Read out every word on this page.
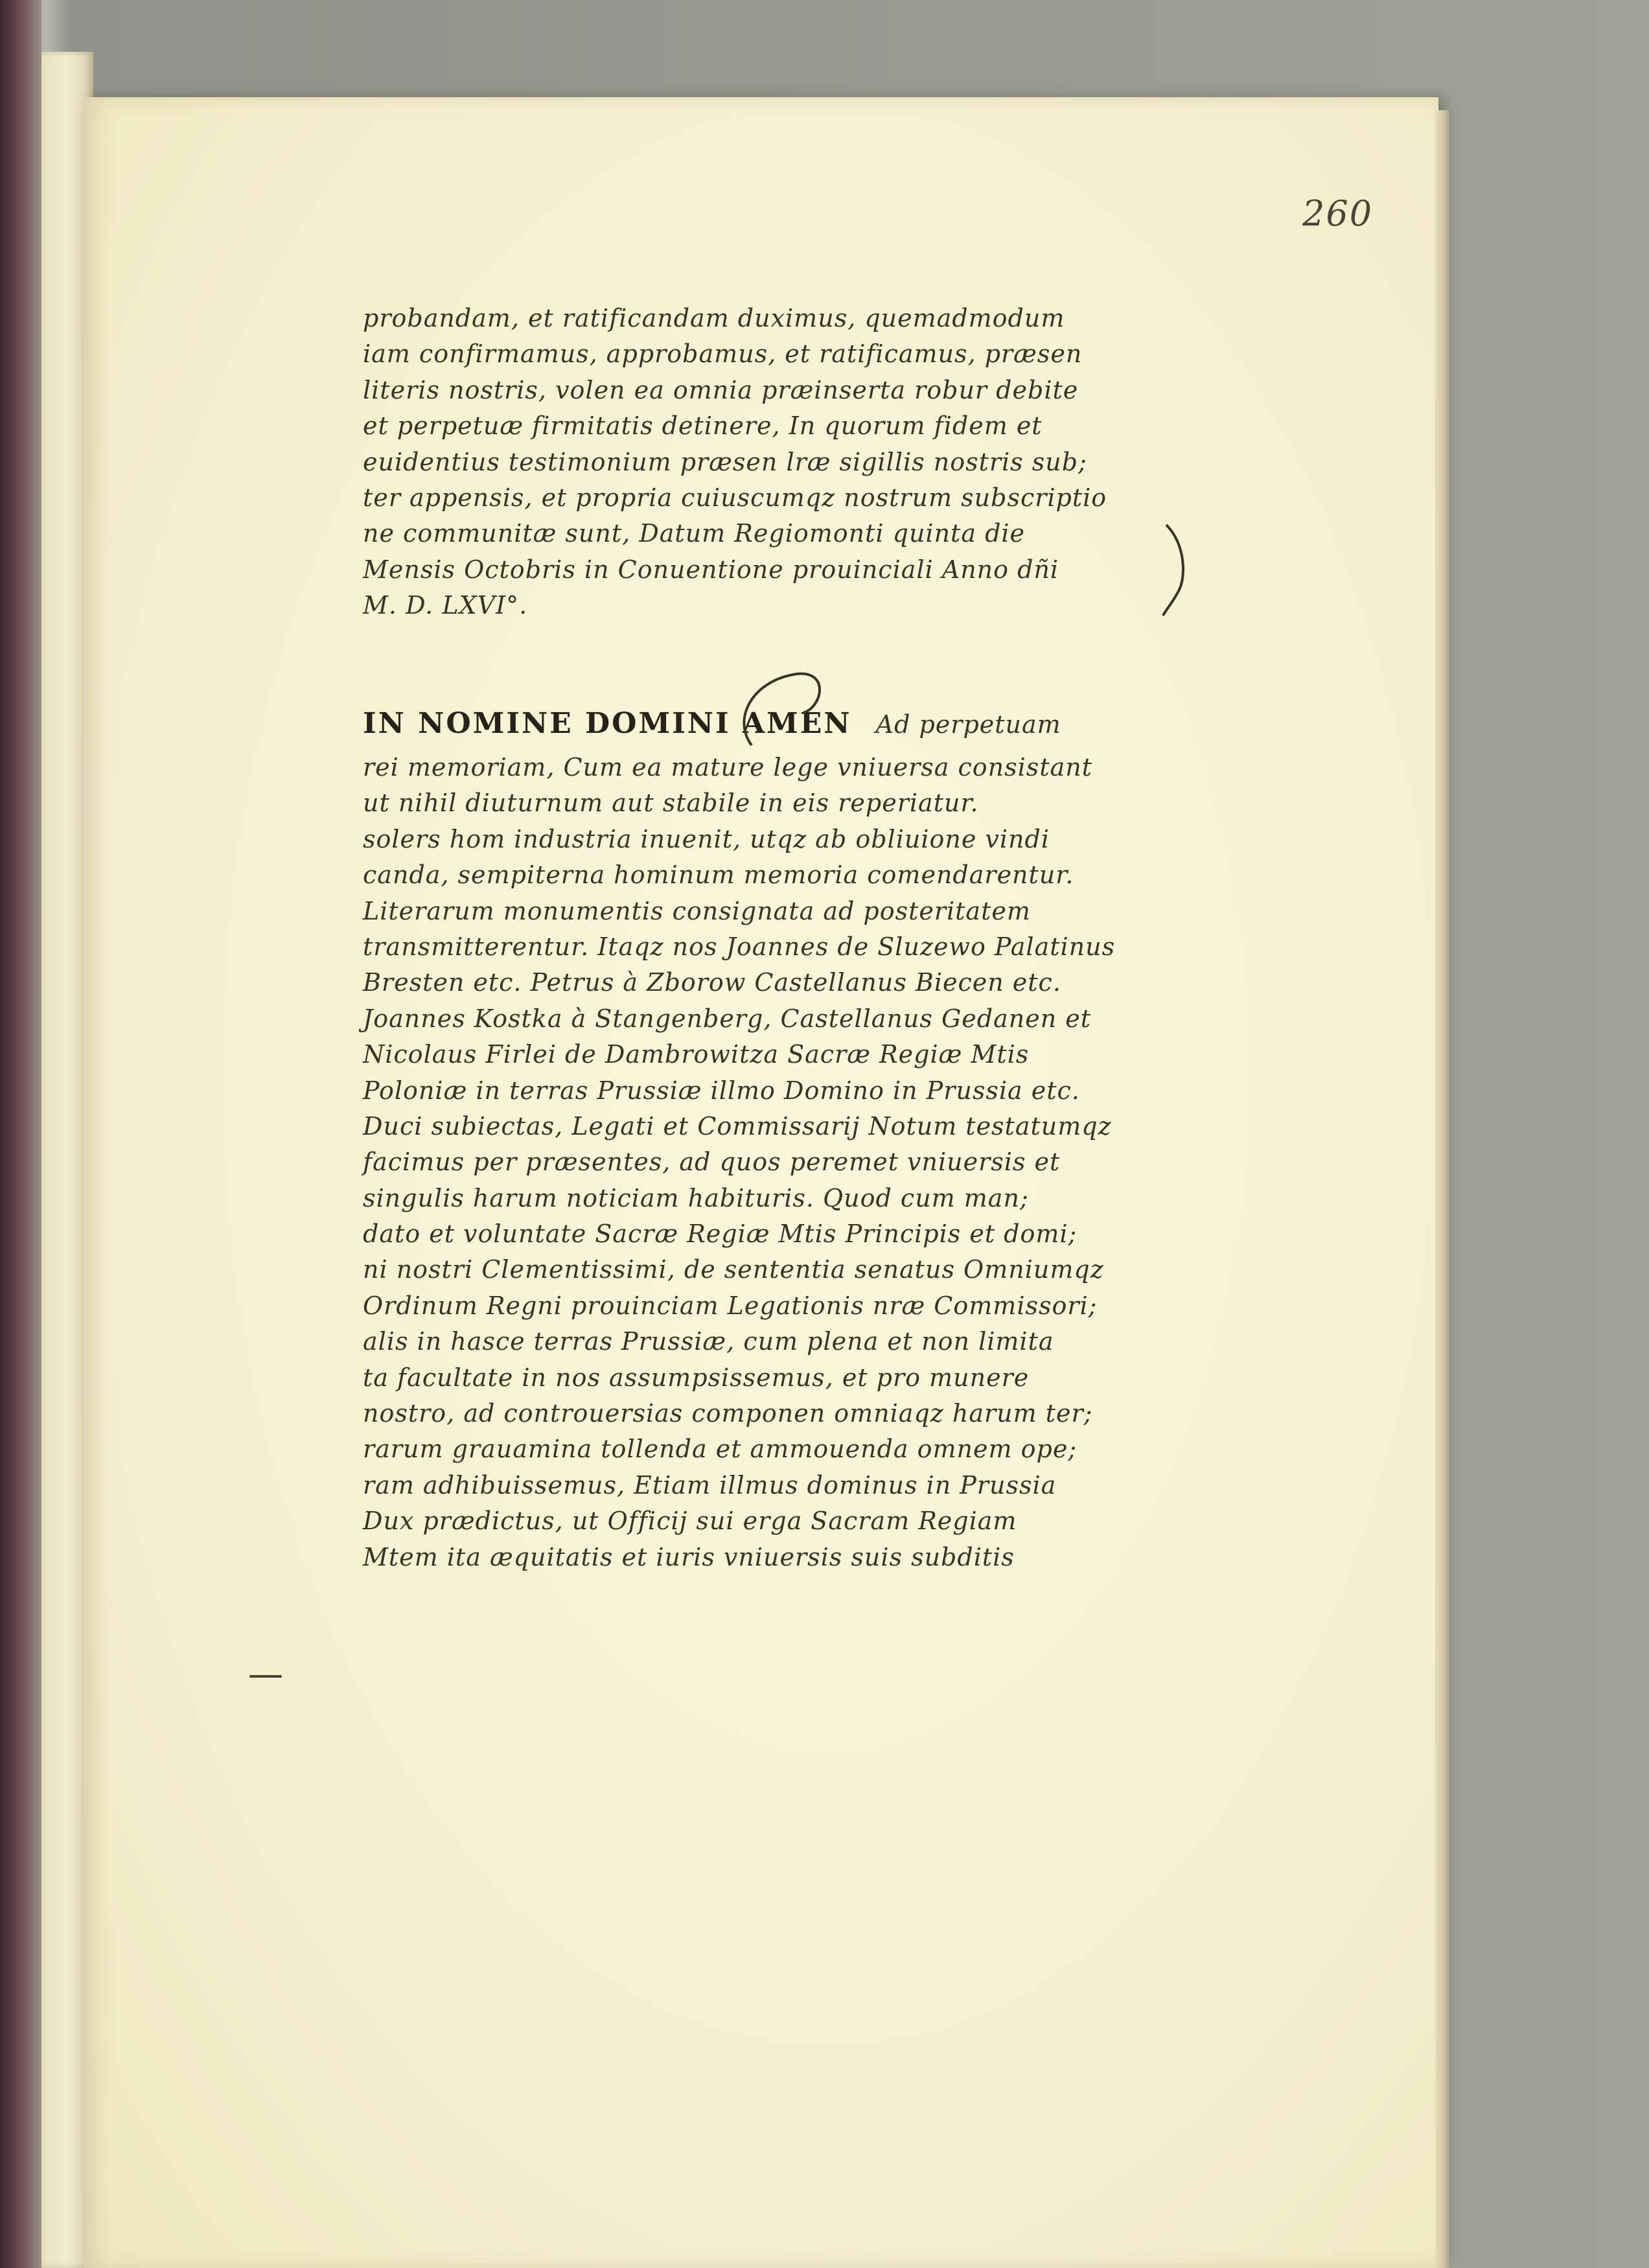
260
probandam, et ratificandam duximus, quemadmodum
iam confirmamus, approbamus, et ratificamus, præsen
literis nostris, volen ea omnia præinserta robur debite
et perpetuæ firmitatis detinere, In quorum fidem et
euidentius testimonium præsen lræ sigillis nostris sub;
ter appensis, et propria cuiuscumqz nostrum subscriptio
ne communitæ sunt, Datum Regiomonti quinta die
Mensis Octobris in Conuentione prouinciali Anno dñi
M. D. LXVI°.
IN NOMINE DOMINI AMEN Ad perpetuam
rei memoriam, Cum ea mature lege vniuersa consistant
ut nihil diuturnum aut stabile in eis reperiatur.
solers hom industria inuenit, utqz ab obliuione vindi
canda, sempiterna hominum memoria comendarentur.
Literarum monumentis consignata ad posteritatem
transmitterentur. Itaqz nos Joannes de Sluzewo Palatinus
Bresten etc. Petrus à Zborow Castellanus Biecen etc.
Joannes Kostka à Stangenberg, Castellanus Gedanen et
Nicolaus Firlei de Dambrowitza Sacræ Regiæ Mtis
Poloniæ in terras Prussiæ illmo Domino in Prussia etc.
Duci subiectas, Legati et Commissarij Notum testatumqz
facimus per præsentes, ad quos peremet vniuersis et
singulis harum noticiam habituris. Quod cum man;
dato et voluntate Sacræ Regiæ Mtis Principis et domi;
ni nostri Clementissimi, de sententia senatus Omniumqz
Ordinum Regni prouinciam Legationis nræ Commissori;
alis in hasce terras Prussiæ, cum plena et non limita
ta facultate in nos assumpsissemus, et pro munere
nostro, ad controuersias componen omniaqz harum ter;
rarum grauamina tollenda et ammouenda omnem ope;
ram adhibuissemus, Etiam illmus dominus in Prussia
Dux prædictus, ut Officij sui erga Sacram Regiam
Mtem ita æquitatis et iuris vniuersis suis subditis
